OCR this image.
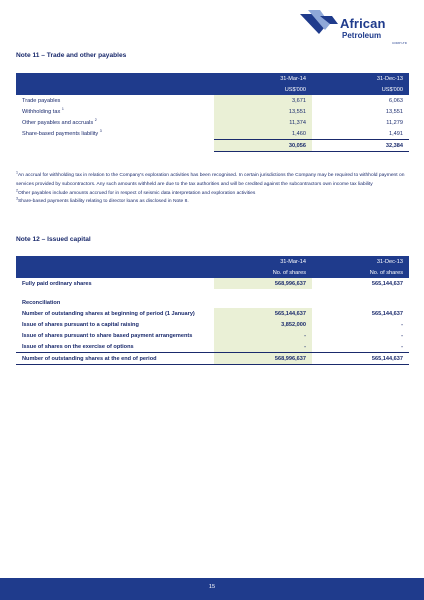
African
Petroleum
CORP LTD
Note 11 – Trade and other payables
	31-Mar-14	31-Dec-13
	US$'000	US$'000
Trade payables	3,671	6,063
Withholding tax $^1$	13,551	13,551
Other payables and accruals $^2$	11,374	11,279
Share-based payments liability $^3$	1,460	1,491
	30,056	32,384

$^1$An accrual for withholding tax in relation to the Company's exploration activities has been recognised. In certain jurisdictions the Company may be required to withhold payment on services provided by subcontractors. Any such amounts withheld are due to the tax authorities and will be credited against the subcontractors own income tax liability

$^2$Other payables include amounts accrued for in respect of seismic data interpretation and exploration activities

$^3$Share-based payments liability relating to director loans as disclosed in Note 8.

Note 12 – Issued capital
	31-Mar-14	31-Dec-13
	No. of shares	No. of shares
Fully paid ordinary shares	568,996,637	565,144,637

Reconciliation		
Number of outstanding shares at beginning of period (1 January)	565,144,637	565,144,637
Issue of shares pursuant to a capital raising	3,852,000	-
Issue of shares pursuant to share based payment arrangements	-	-
Issue of shares on the exercise of options	-	-
Number of outstanding shares at the end of period	568,996,637	565,144,637
15
